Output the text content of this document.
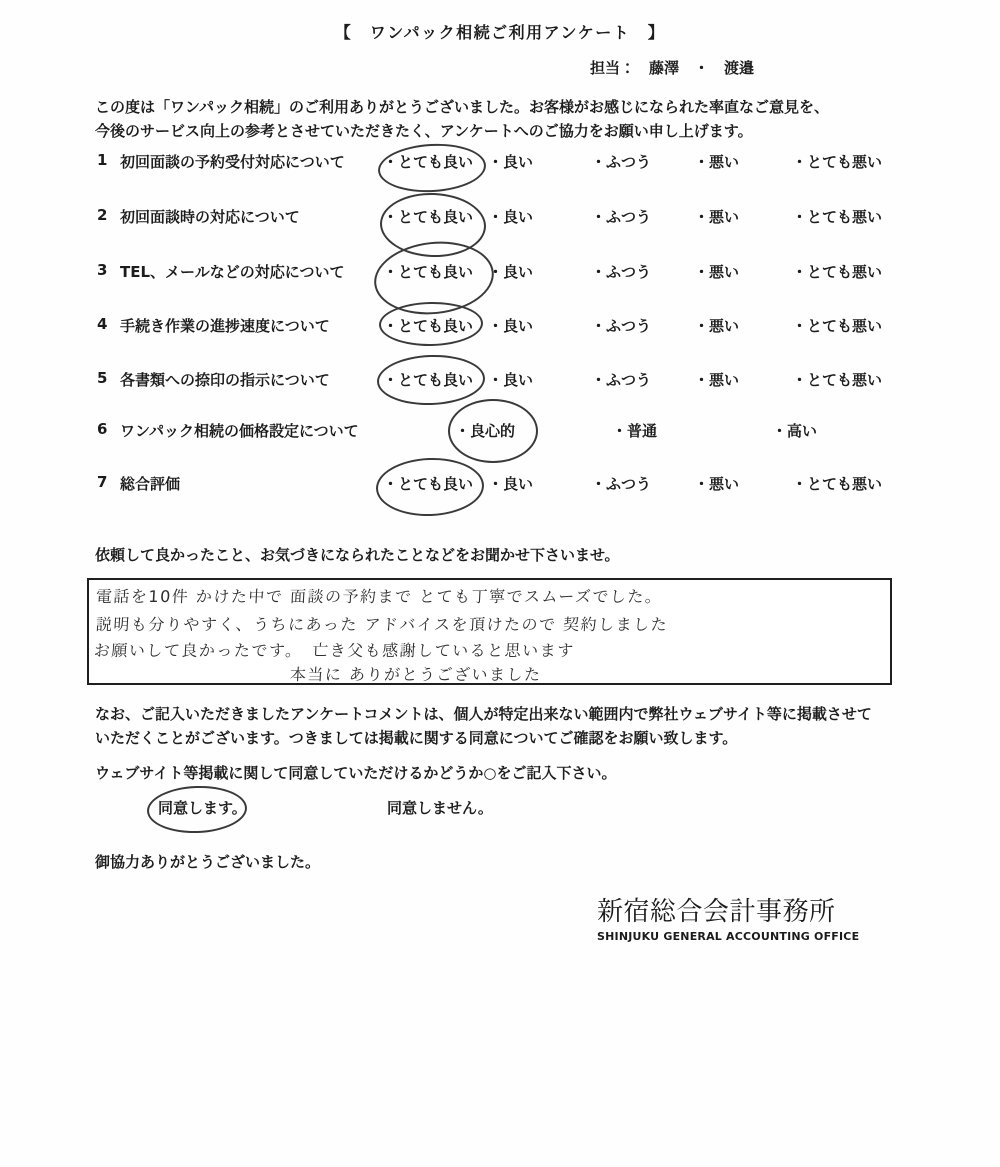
【　ワンパック相続ご利用アンケート　】
担当： 藤澤　・　渡邉
この度は「ワンパック相続」のご利用ありがとうございました。お客様がお感じになられた率直なご意見を、
今後のサービス向上の参考とさせていただきたく、アンケートへのご協力をお願い申し上げます。
1 初回面談の予約受付対応について	・とても良い ・良い	・ふつう	・悪い	・とても悪い
2 初回面談時の対応について	・とても良い ・良い	・ふつう	・悪い	・とても悪い
3 TEL、メールなどの対応について	・とても良い ・良い	・ふつう	・悪い	・とても悪い
4 手続き作業の進捗速度について	・とても良い ・良い	・ふつう	・悪い	・とても悪い
5 各書類への捺印の指示について	・とても良い ・良い	・ふつう	・悪い	・とても悪い
6 ワンパック相続の価格設定について	・良心的	・普通	・高い
7 総合評価	・とても良い ・良い	・ふつう	・悪い	・とても悪い
依頼して良かったこと、お気づきになられたことなどをお聞かせ下さいませ。
電話を10件 かけた中で 面談の予約まで とても丁寧でスムーズでした。
説明も分りやすく、うちにあった アドバイスを頂けたので 契約しました
お願いして良かったです。　亡き父も感謝していると思います
本当に ありがとうございました
なお、ご記入いただきましたアンケートコメントは、個人が特定出来ない範囲内で弊社ウェブサイト等に掲載させて
いただくことがございます。つきましては掲載に関する同意についてご確認をお願い致します。
ウェブサイト等掲載に関して同意していただけるかどうか○をご記入下さい。
同意します。	同意しません。
御協力ありがとうございました。
新宿総合会計事務所
SHINJUKU GENERAL ACCOUNTING OFFICE
